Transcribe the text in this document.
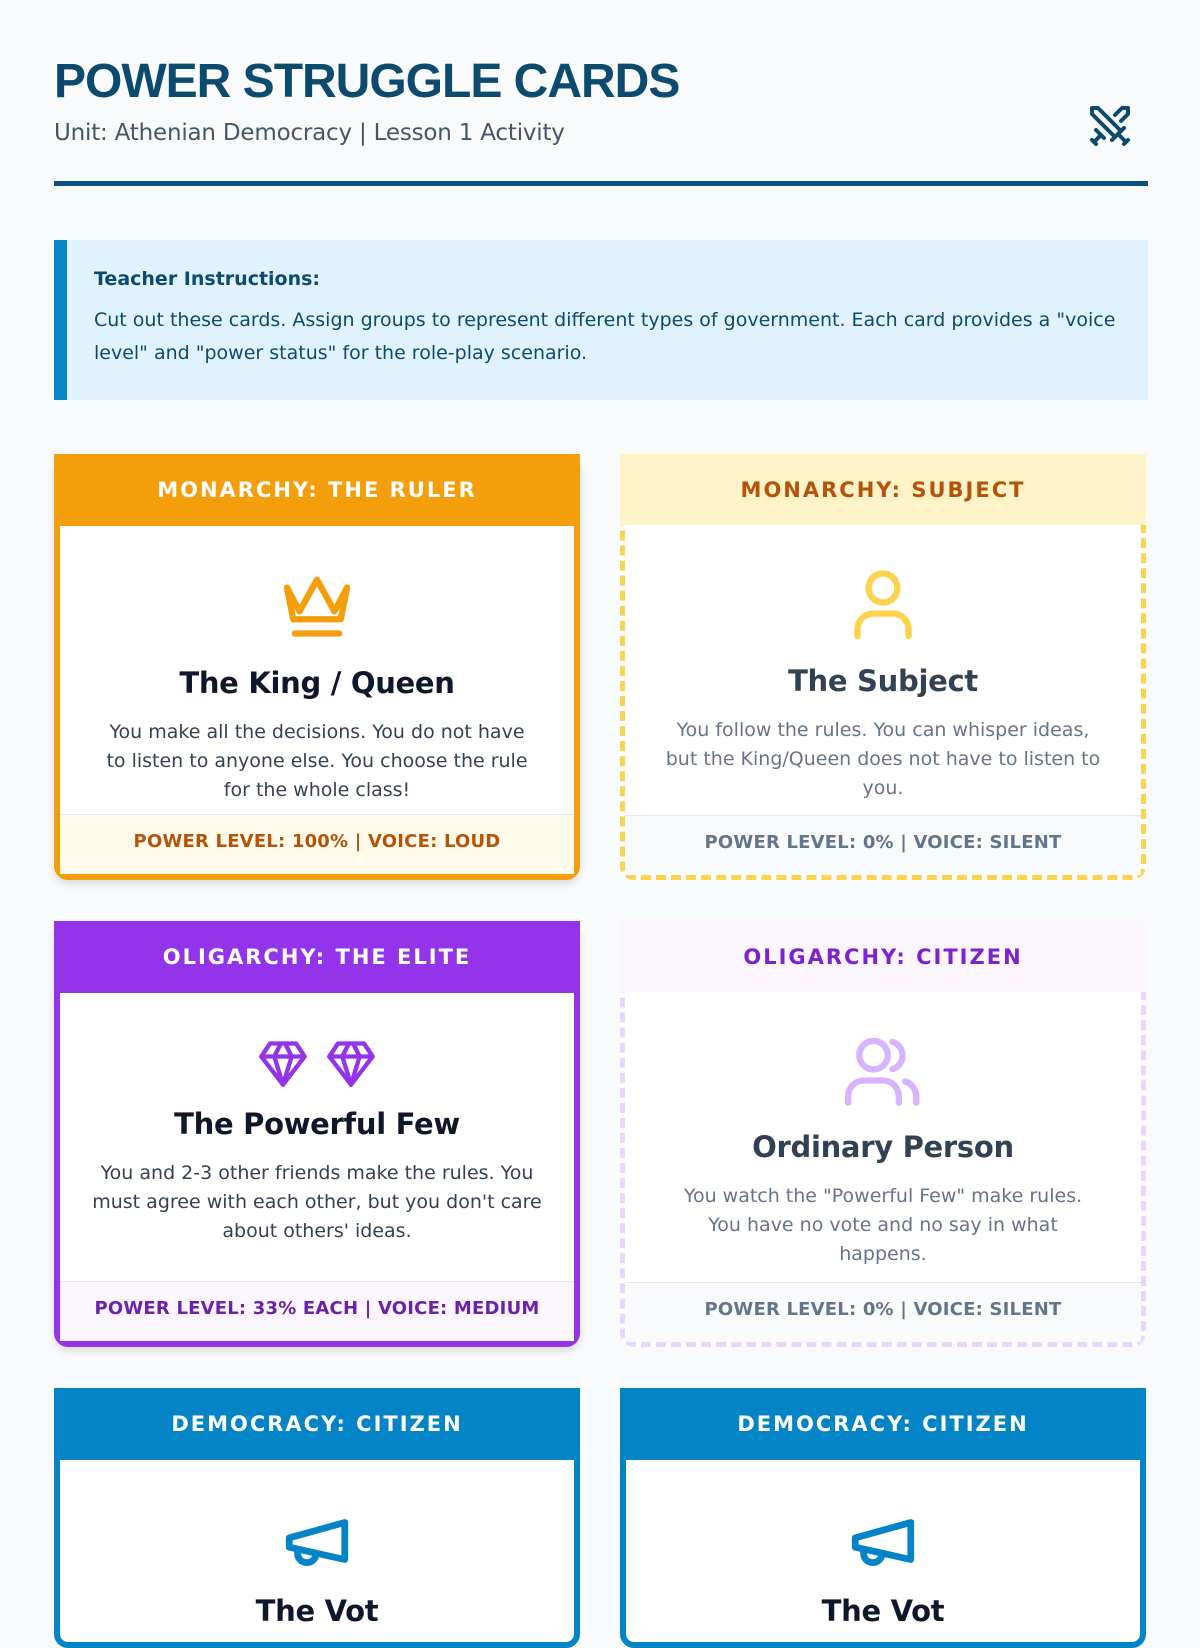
POWER STRUGGLE CARDS
Unit: Athenian Democracy | Lesson 1 Activity
Teacher Instructions:
Cut out these cards. Assign groups to represent different types of government. Each card provides a "voice level" and "power status" for the role-play scenario.
MONARCHY: THE RULER
The King / Queen
You make all the decisions. You do not have to listen to anyone else. You choose the rule for the whole class!
POWER LEVEL: 100% | VOICE: LOUD
MONARCHY: SUBJECT
The Subject
You follow the rules. You can whisper ideas, but the King/Queen does not have to listen to you.
POWER LEVEL: 0% | VOICE: SILENT
OLIGARCHY: THE ELITE
The Powerful Few
You and 2-3 other friends make the rules. You must agree with each other, but you don't care about others' ideas.
POWER LEVEL: 33% EACH | VOICE: MEDIUM
OLIGARCHY: CITIZEN
Ordinary Person
You watch the "Powerful Few" make rules. You have no vote and no say in what happens.
POWER LEVEL: 0% | VOICE: SILENT
DEMOCRACY: CITIZEN
The Vot
DEMOCRACY: CITIZEN
The Vot
